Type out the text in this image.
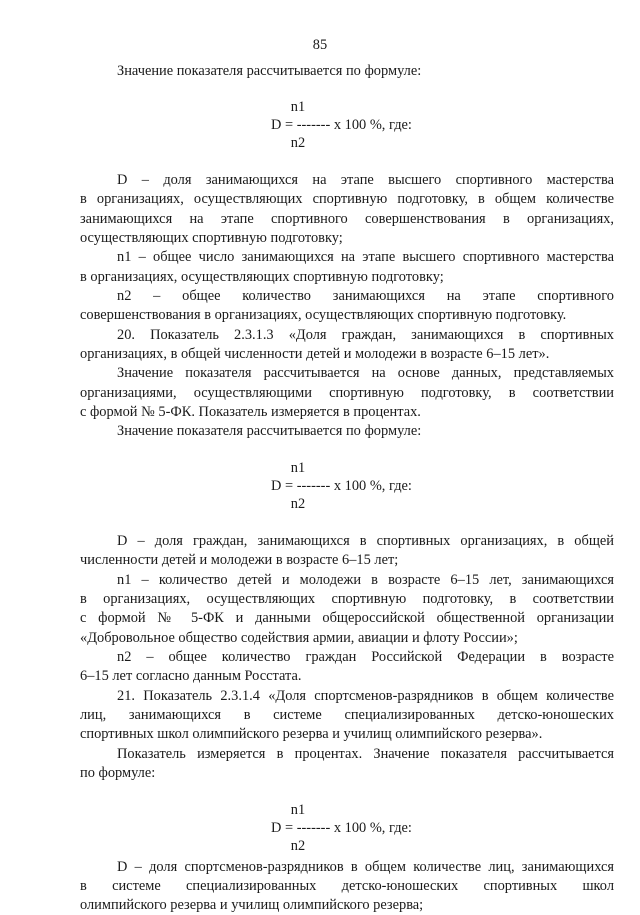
85
Значение показателя рассчитывается по формуле:
n1
D = ------- x 100 %, где:
n2
D – доля занимающихся на этапе высшего спортивного мастерства
в организациях, осуществляющих спортивную подготовку, в общем количестве
занимающихся на этапе спортивного совершенствования в организациях,
осуществляющих спортивную подготовку;
n1 – общее число занимающихся на этапе высшего спортивного мастерства
в организациях, осуществляющих спортивную подготовку;
n2 – общее количество занимающихся на этапе спортивного
совершенствования в организациях, осуществляющих спортивную подготовку.
20. Показатель 2.3.1.3 «Доля граждан, занимающихся в спортивных
организациях, в общей численности детей и молодежи в возрасте 6–15 лет».
Значение показателя рассчитывается на основе данных, представляемых
организациями, осуществляющими спортивную подготовку, в соответствии
с формой № 5-ФК. Показатель измеряется в процентах.
Значение показателя рассчитывается по формуле:
n1
D = ------- x 100 %, где:
n2
D – доля граждан, занимающихся в спортивных организациях, в общей
численности детей и молодежи в возрасте 6–15 лет;
n1 – количество детей и молодежи в возрасте 6–15 лет, занимающихся
в организациях, осуществляющих спортивную подготовку, в соответствии
с формой № 5-ФК и данными общероссийской общественной организации
«Добровольное общество содействия армии, авиации и флоту России»;
n2 – общее количество граждан Российской Федерации в возрасте
6–15 лет согласно данным Росстата.
21. Показатель 2.3.1.4 «Доля спортсменов-разрядников в общем количестве
лиц, занимающихся в системе специализированных детско-юношеских
спортивных школ олимпийского резерва и училищ олимпийского резерва».
Показатель измеряется в процентах. Значение показателя рассчитывается
по формуле:
n1
D = ------- x 100 %, где:
n2
D – доля спортсменов-разрядников в общем количестве лиц, занимающихся
в системе специализированных детско-юношеских спортивных школ
олимпийского резерва и училищ олимпийского резерва;
